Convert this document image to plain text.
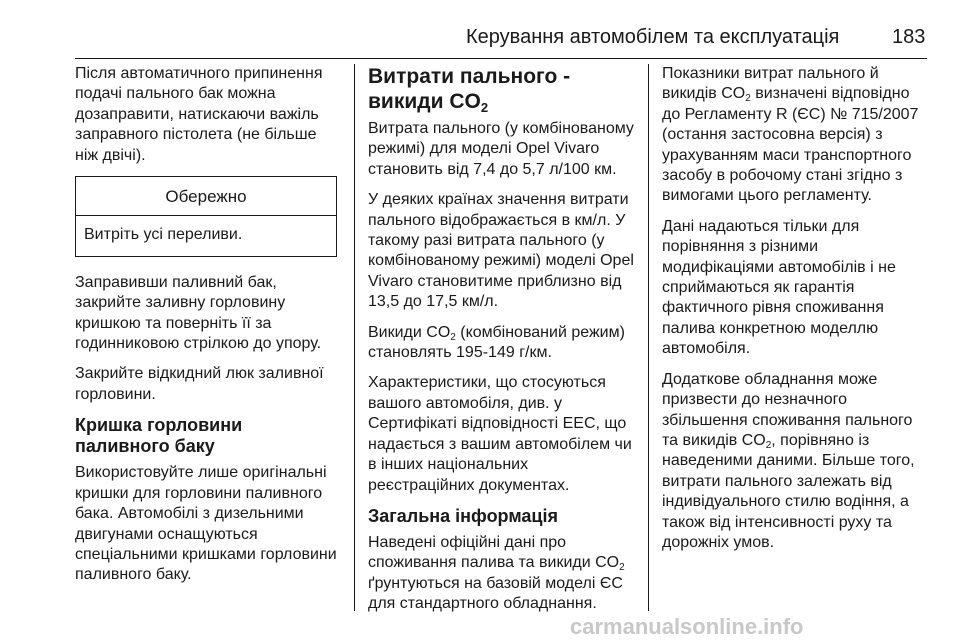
Керування автомобілем та експлуатація	183

Після автоматичного припинення подачі пального бак можна дозаправити, натискаючи важіль заправного пістолета (не більше ніж двічі).

Обережно
Витріть усі переливи.

Заправивши паливний бак, закрийте заливну горловину кришкою та поверніть її за годинниковою стрілкою до упору.

Закрийте відкидний люк заливної горловини.

Кришка горловини паливного баку

Використовуйте лише оригінальні кришки для горловини паливного бака. Автомобілі з дизельними двигунами оснащуються спеціальними кришками горловини паливного баку.

Витрати пального -
викиди $CO_2$

Витрата пального (у комбінованому режимі) для моделі Opel Vivaro становить від 7,4 до 5,7 л/100 км.

У деяких країнах значення витрати пального відображається в км/л. У такому разі витрата пального (у комбінованому режимі) моделі Opel Vivaro становитиме приблизно від 13,5 до 17,5 км/л.

Викиди $CO_2$ (комбінований режим) становлять 195-149 г/км.

Характеристики, що стосуються вашого автомобіля, див. у Сертифікаті відповідності ЕЕС, що надається з вашим автомобілем чи в інших національних реєстраційних документах.

Загальна інформація

Наведені офіційні дані про споживання палива та викиди $CO_2$ ґрунтуються на базовій моделі ЄС для стандартного обладнання.

Показники витрат пального й викидів $CO_2$ визначені відповідно до Регламенту R (ЄС) № 715/2007 (остання застосовна версія) з урахуванням маси транспортного засобу в робочому стані згідно з вимогами цього регламенту.

Дані надаються тільки для порівняння з різними модифікаціями автомобілів і не сприймаються як гарантія фактичного рівня споживання палива конкретною моделлю автомобіля.

Додаткове обладнання може призвести до незначного збільшення споживання пального та викидів $CO_2$, порівняно із наведеними даними. Більше того, витрати пального залежать від індивідуального стилю водіння, а також від інтенсивності руху та дорожніх умов.

carmanualsonline.info
